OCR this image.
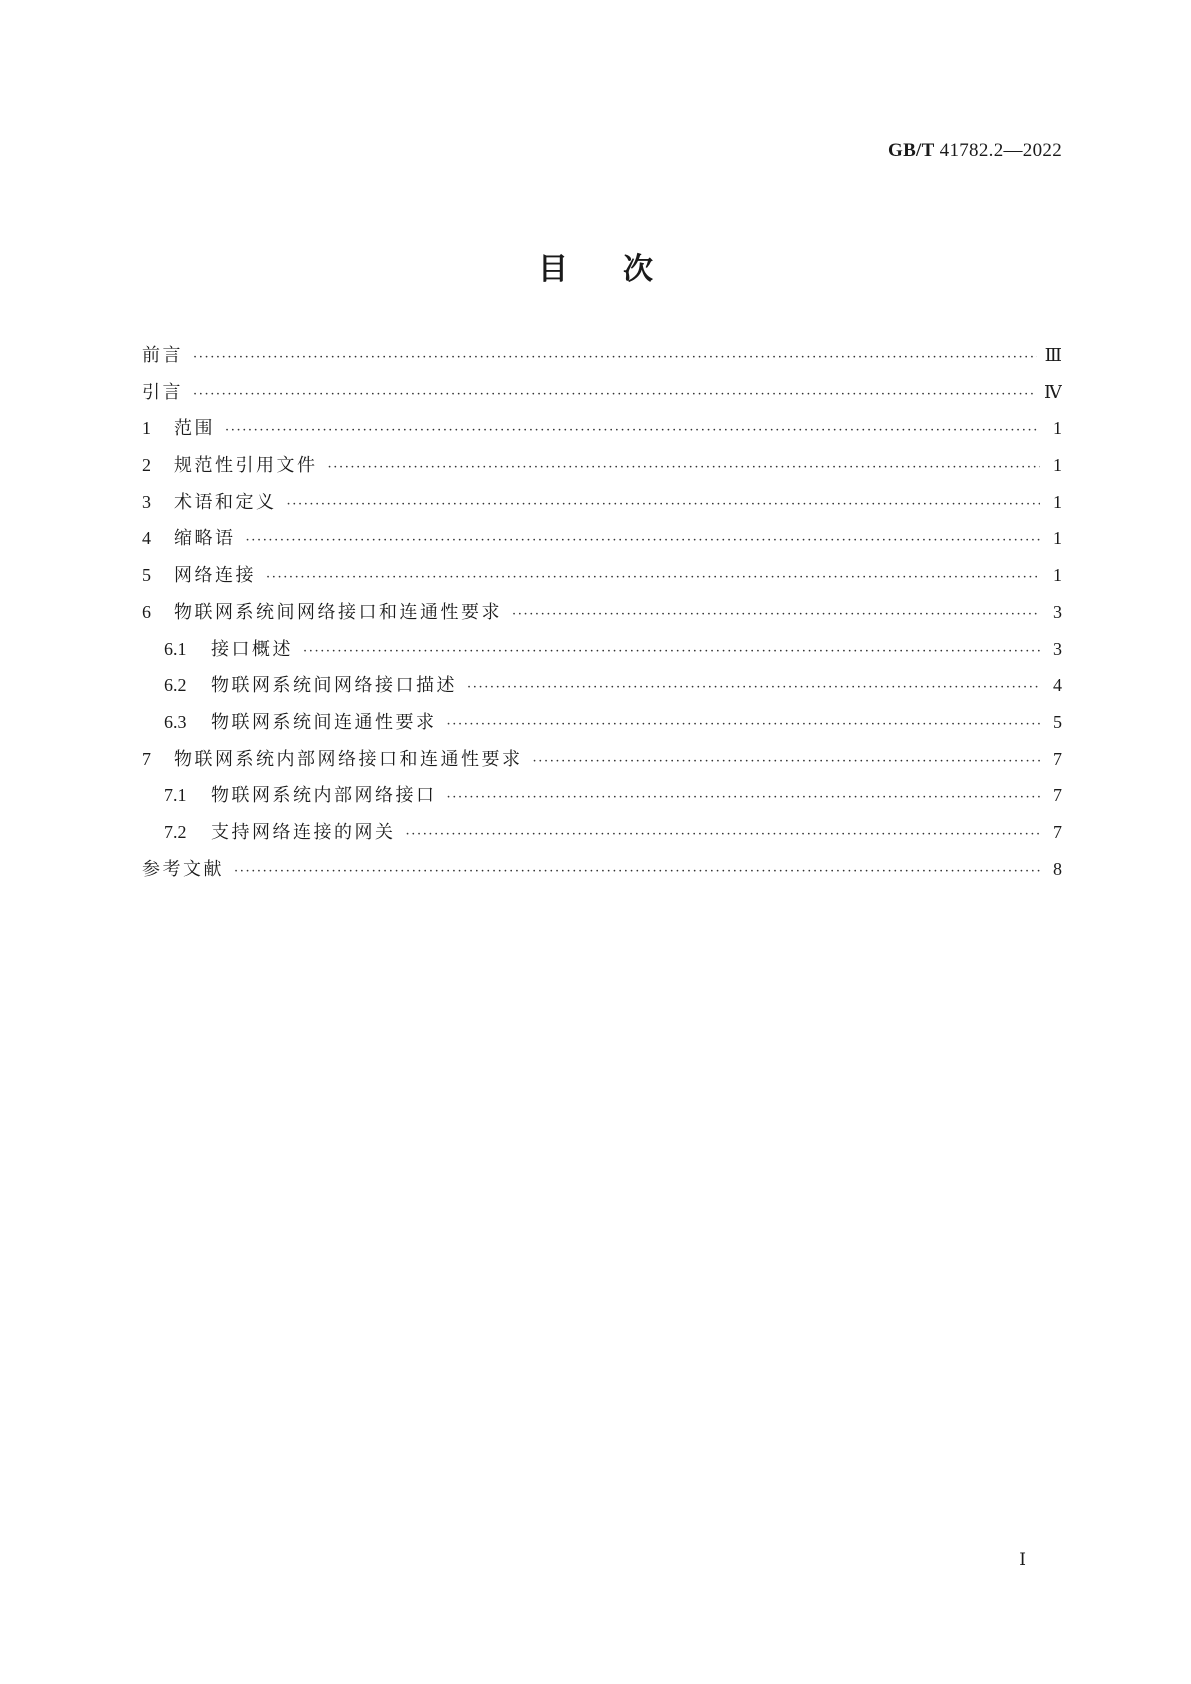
GB/T 41782.2—2022
目次
前言 ·····	Ⅲ
引言 ·····	Ⅳ
1	范围 ·····	1
2	规范性引用文件 ·····	1
3	术语和定义 ·····	1
4	缩略语 ·····	1
5	网络连接 ·····	1
6	物联网系统间网络接口和连通性要求 ·····	3
6.1	接口概述 ·····	3
6.2	物联网系统间网络接口描述 ·····	4
6.3	物联网系统间连通性要求 ·····	5
7	物联网系统内部网络接口和连通性要求 ·····	7
7.1	物联网系统内部网络接口 ·····	7
7.2	支持网络连接的网关 ·····	7
参考文献 ·····	8
Ⅰ
